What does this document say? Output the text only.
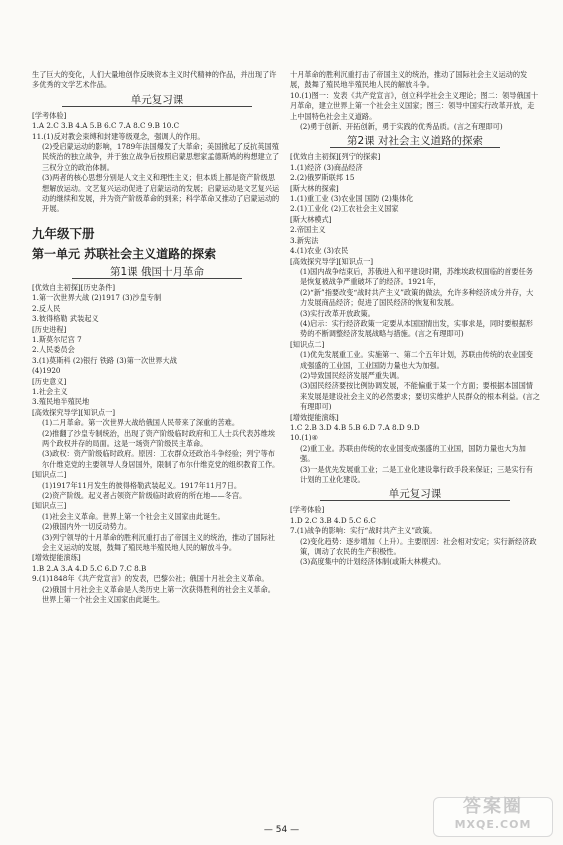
生了巨大的变化，人们大量地创作反映资本主义时代精神的作品，并出现了许多优秀的文学艺术作品。
单元复习课
[学考体验]
1.A 2.C 3.B 4.A 5.B 6.C 7.A 8.C 9.B 10.C
11.(1)反对教会束缚和封建等级观念，强调人的作用。
(2)受启蒙运动的影响，1789年法国爆发了大革命；美国掀起了反抗英国殖民统治的独立战争，并于独立战争后按照启蒙思想家孟德斯鸠的构想建立了三权分立的政治体制。
(3)两者的核心思想分别是人文主义和理性主义；但本质上都是资产阶级思想解放运动。文艺复兴运动促进了启蒙运动的发展；启蒙运动是文艺复兴运动的继续和发展，并为资产阶级革命的到来；科学革命又推动了启蒙运动的开展。
九年级下册
第一单元 苏联社会主义道路的探索
第1课 俄国十月革命
[优效自主初探][历史条件]
1.第一次世界大战 (2)1917 (3)沙皇专制
2.反人民
3.彼得格勒 武装起义
[历史进程]
1.斯莫尔尼宫 7
2.人民委员会
3.(1)莫斯科 (2)银行 铁路 (3)第一次世界大战
(4)1920
[历史意义]
1.社会主义
3.殖民地半殖民地
[高效探究导学][知识点一]
(1)二月革命。第一次世界大战给俄国人民带来了深重的苦难。
(2)推翻了沙皇专制统治，出现了资产阶级临时政府和工人士兵代表苏维埃两个政权并存的局面。这是一场资产阶级民主革命。
(3)政权：资产阶级临时政府。原因：工农群众还政治斗争经验；列宁等布尔什维克党的主要领导人身居国外，限制了布尔什维克党的组织教育工作。
[知识点二]
(1)1917年11月发生的彼得格勒武装起义。1917年11月7日。
(2)资产阶级。起义者占领资产阶级临时政府的所在地——冬宫。
[知识点三]
(1)社会主义革命。世界上第一个社会主义国家由此诞生。
(2)俄国内外一切反动势力。
(3)列宁领导的十月革命的胜利沉重打击了帝国主义的统治，推动了国际社会主义运动的发展，鼓舞了殖民地半殖民地人民的解放斗争。
[增效提能演练]
1.B 2.A 3.A 4.D 5.C 6.D 7.C 8.B
9.(1)1848年《共产党宣言》的发表，巴黎公社；俄国十月社会主义革命。
(2)俄国十月社会主义革命是人类历史上第一次获得胜利的社会主义革命。世界上第一个社会主义国家由此诞生。
十月革命的胜利沉重打击了帝国主义的统治，推动了国际社会主义运动的发展，鼓舞了殖民地半殖民地人民的解放斗争。
10.(1)图一：发表《共产党宣言》，创立科学社会主义理论；图二：领导俄国十月革命，建立世界上第一个社会主义国家；图三：领导中国实行改革开放，走上中国特色社会主义道路。
(2)勇于创新、开拓创新，勇于实践的优秀品质。(言之有理即可)
第2课 对社会主义道路的探索
[优效自主初探][列宁的探索]
1.(1)经济 (3)商品经济
2.(2)俄罗斯联邦 15
[斯大林的探索]
1.(1)重工业 (3)农业国 国防 (2)集体化
2.(1)工业化 (2)工农社会主义国家
[斯大林模式]
2.帝国主义
3.新宪法
4.(1)农业 (3)农民
[高效探究导学][知识点一]
(1)国内战争结束后，苏俄进入和平建设时期，苏维埃政权面临的首要任务是恢复被战争严重破坏了的经济。1921年，
(2)“新”指要改变“战时共产主义”政策的做法，允许多种经济成分并存，大力发展商品经济；促进了国民经济的恢复和发展。
(3)实行改革开放政策。
(4)启示：实行经济政策一定要从本国国情出发，实事求是，同时要根据形势的不断调整经济发展战略与措施。(言之有理即可)
[知识点二]
(1)优先发展重工业。实施第一、第二个五年计划，苏联由传统的农业国变成强盛的工业国，工业国防力量也大为加强。
(2)导致国民经济发展严重失调。
(3)国民经济要按比例协调发展，不能偏重于某一个方面；要根据本国国情来发展是建设社会主义的必然要求；要切实维护人民群众的根本利益。(言之有理即可)
[增效提能演练]
1.C 2.B 3.D 4.B 5.B 6.D 7.A 8.D 9.D
10.(1)④
(2)重工业。苏联由传统的农业国变成强盛的工业国，国防力量也大为加强。
(3)一是优先发展重工业；二是工业化建设靠行政手段来保证；三是实行有计划的工业化建设。
单元复习课
[学考体验]
1.D 2.C 3.B 4.D 5.C 6.C
7.(1)战争的影响：实行“战时共产主义”政策。
(2)变化趋势：逐步增加（上升）。主要原因：社会相对安定；实行新经济政策，调动了农民的生产积极性。
(3)高度集中的计划经济体制(或斯大林模式)。
— 54 —
答案圈
MXQE.COM
